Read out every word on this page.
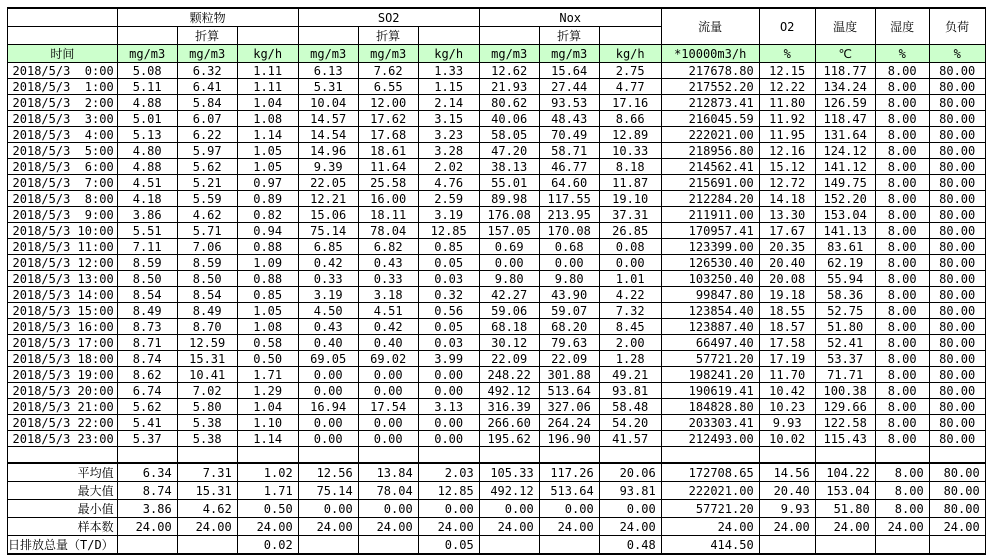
	颗粒物			SO2			Nox			流量	O2	温度	湿度	负荷
		折算			折算			折算						
时间	mg/m3	mg/m3	kg/h	mg/m3	mg/m3	kg/h	mg/m3	mg/m3	kg/h	*10000m3/h	%	℃	%	%
2018/5/3  0:00	5.08	6.32	1.11	6.13	7.62	1.33	12.62	15.64	2.75	217678.80	12.15	118.77	8.00	80.00
2018/5/3  1:00	5.11	6.41	1.11	5.31	6.55	1.15	21.93	27.44	4.77	217552.20	12.22	134.24	8.00	80.00
2018/5/3  2:00	4.88	5.84	1.04	10.04	12.00	2.14	80.62	93.53	17.16	212873.41	11.80	126.59	8.00	80.00
2018/5/3  3:00	5.01	6.07	1.08	14.57	17.62	3.15	40.06	48.43	8.66	216045.59	11.92	118.47	8.00	80.00
2018/5/3  4:00	5.13	6.22	1.14	14.54	17.68	3.23	58.05	70.49	12.89	222021.00	11.95	131.64	8.00	80.00
2018/5/3  5:00	4.80	5.97	1.05	14.96	18.61	3.28	47.20	58.71	10.33	218956.80	12.16	124.12	8.00	80.00
2018/5/3  6:00	4.88	5.62	1.05	9.39	11.64	2.02	38.13	46.77	8.18	214562.41	15.12	141.12	8.00	80.00
2018/5/3  7:00	4.51	5.21	0.97	22.05	25.58	4.76	55.01	64.60	11.87	215691.00	12.72	149.75	8.00	80.00
2018/5/3  8:00	4.18	5.59	0.89	12.21	16.00	2.59	89.98	117.55	19.10	212284.20	14.18	152.20	8.00	80.00
2018/5/3  9:00	3.86	4.62	0.82	15.06	18.11	3.19	176.08	213.95	37.31	211911.00	13.30	153.04	8.00	80.00
2018/5/3 10:00	5.51	5.71	0.94	75.14	78.04	12.85	157.05	170.08	26.85	170957.41	17.67	141.13	8.00	80.00
2018/5/3 11:00	7.11	7.06	0.88	6.85	6.82	0.85	0.69	0.68	0.08	123399.00	20.35	83.61	8.00	80.00
2018/5/3 12:00	8.59	8.59	1.09	0.42	0.43	0.05	0.00	0.00	0.00	126530.40	20.40	62.19	8.00	80.00
2018/5/3 13:00	8.50	8.50	0.88	0.33	0.33	0.03	9.80	9.80	1.01	103250.40	20.08	55.94	8.00	80.00
2018/5/3 14:00	8.54	8.54	0.85	3.19	3.18	0.32	42.27	43.90	4.22	99847.80	19.18	58.36	8.00	80.00
2018/5/3 15:00	8.49	8.49	1.05	4.50	4.51	0.56	59.06	59.07	7.32	123854.40	18.55	52.75	8.00	80.00
2018/5/3 16:00	8.73	8.70	1.08	0.43	0.42	0.05	68.18	68.20	8.45	123887.40	18.57	51.80	8.00	80.00
2018/5/3 17:00	8.71	12.59	0.58	0.40	0.40	0.03	30.12	79.63	2.00	66497.40	17.58	52.41	8.00	80.00
2018/5/3 18:00	8.74	15.31	0.50	69.05	69.02	3.99	22.09	22.09	1.28	57721.20	17.19	53.37	8.00	80.00
2018/5/3 19:00	8.62	10.41	1.71	0.00	0.00	0.00	248.22	301.88	49.21	198241.20	11.70	71.71	8.00	80.00
2018/5/3 20:00	6.74	7.02	1.29	0.00	0.00	0.00	492.12	513.64	93.81	190619.41	10.42	100.38	8.00	80.00
2018/5/3 21:00	5.62	5.80	1.04	16.94	17.54	3.13	316.39	327.06	58.48	184828.80	10.23	129.66	8.00	80.00
2018/5/3 22:00	5.41	5.38	1.10	0.00	0.00	0.00	266.60	264.24	54.20	203303.41	9.93	122.58	8.00	80.00
2018/5/3 23:00	5.37	5.38	1.14	0.00	0.00	0.00	195.62	196.90	41.57	212493.00	10.02	115.43	8.00	80.00

平均值	6.34	7.31	1.02	12.56	13.84	2.03	105.33	117.26	20.06	172708.65	14.56	104.22	8.00	80.00
最大值	8.74	15.31	1.71	75.14	78.04	12.85	492.12	513.64	93.81	222021.00	20.40	153.04	8.00	80.00
最小值	3.86	4.62	0.50	0.00	0.00	0.00	0.00	0.00	0.00	57721.20	9.93	51.80	8.00	80.00
样本数	24.00	24.00	24.00	24.00	24.00	24.00	24.00	24.00	24.00	24.00	24.00	24.00	24.00	24.00
日排放总量（T/D）			0.02			0.05			0.48	414.50				
